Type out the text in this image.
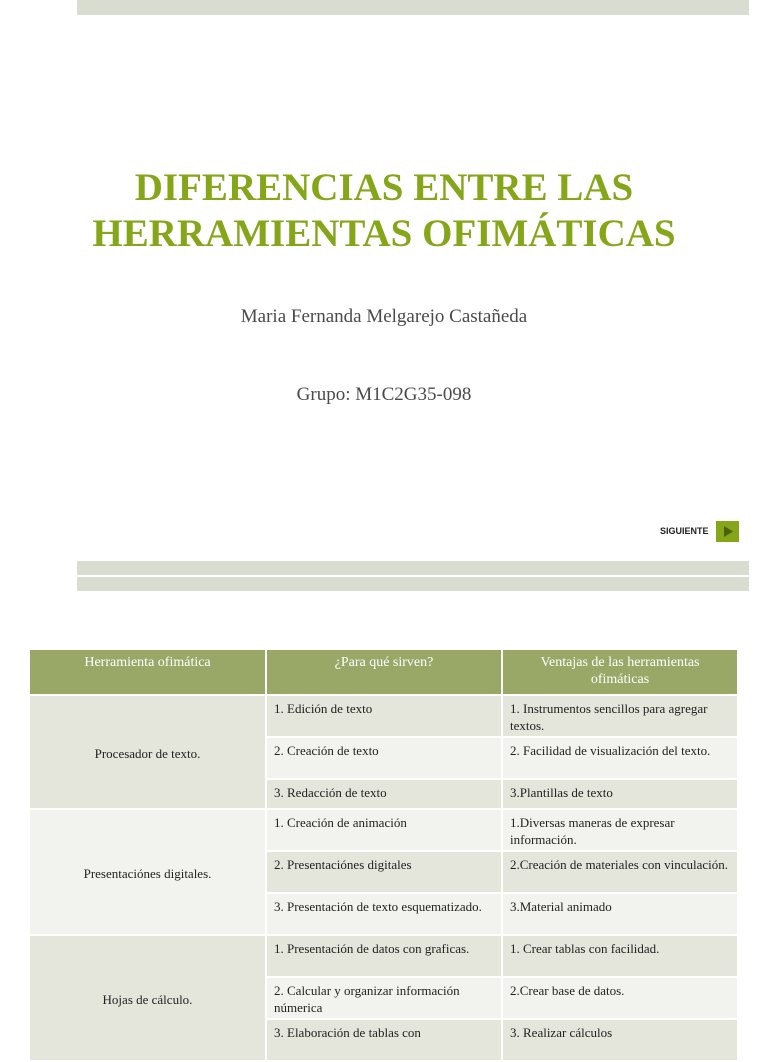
DIFERENCIAS ENTRE LAS HERRAMIENTAS OFIMÁTICAS
Maria Fernanda Melgarejo Castañeda
Grupo: M1C2G35-098
SIGUIENTE
Herramienta ofimática	¿Para qué sirven?	Ventajas de las herramientas ofimáticas
Procesador de texto.	1. Edición de texto	1. Instrumentos sencillos para agregar textos.
	2. Creación de texto	2. Facilidad de visualización del texto.
	3. Redacción de texto	3.Plantillas de texto
Presentaciónes digitales.	1. Creación de animación	1.Diversas maneras de expresar información.
	2. Presentaciónes digitales	2.Creación de materiales con vinculación.
	3. Presentación de texto esquematizado.	3.Material animado
Hojas de cálculo.	1. Presentación de datos con graficas.	1. Crear tablas con facilidad.
	2. Calcular y organizar información númerica	2.Crear base de datos.
	3. Elaboración de tablas con	3. Realizar cálculos
